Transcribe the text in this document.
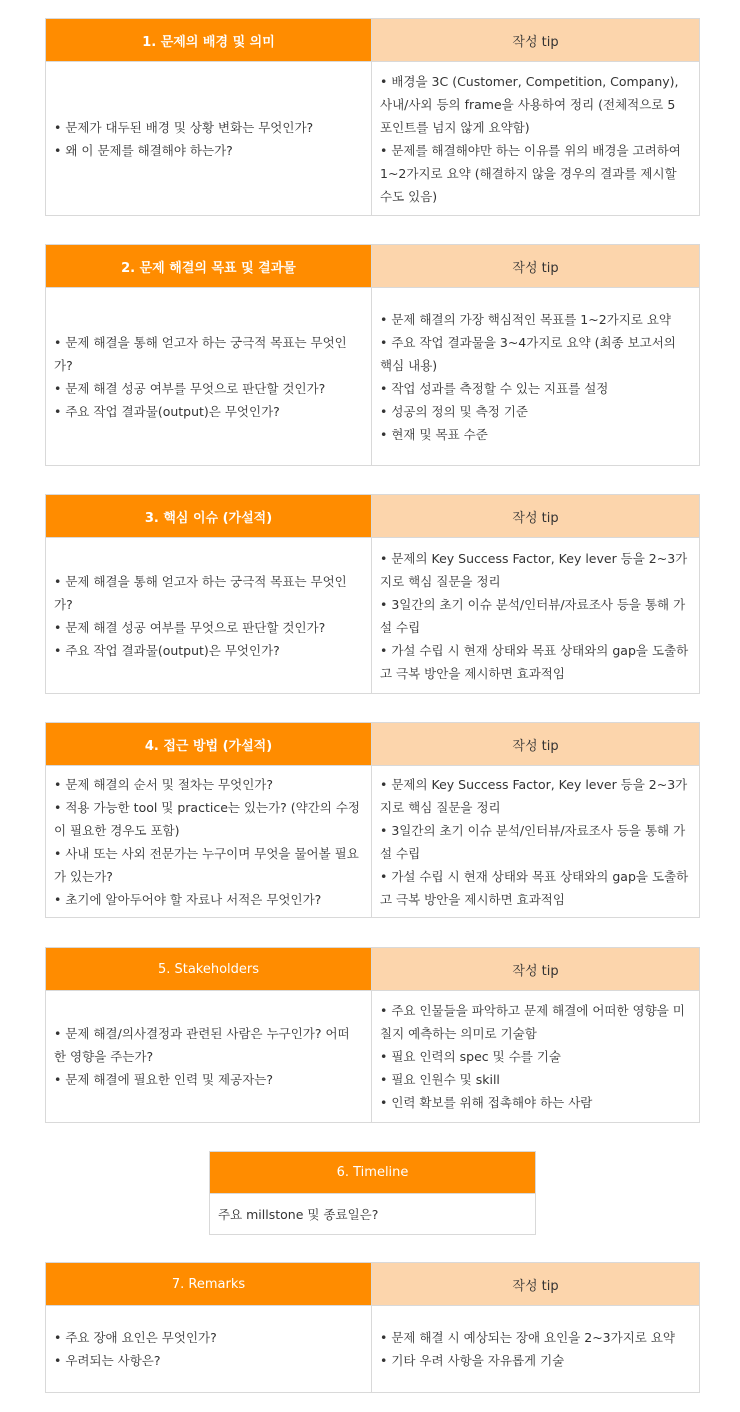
1. 문제의 배경 및 의미	작성 tip

• 문제가 대두된 배경 및 상황 변화는 무엇인가?
• 왜 이 문제를 해결해야 하는가?	• 배경을 3C (Customer, Competition, Company), 사내/사외 등의 frame을 사용하여 정리 (전체적으로 5 포인트를 넘지 않게 요약함)
• 문제를 해결해야만 하는 이유를 위의 배경을 고려하여 1~2가지로 요약 (해결하지 않을 경우의 결과를 제시할 수도 있음)
2. 문제 해결의 목표 및 결과물	작성 tip

• 문제 해결을 통해 얻고자 하는 궁극적 목표는 무엇인가?
• 문제 해결 성공 여부를 무엇으로 판단할 것인가?
• 주요 작업 결과물(output)은 무엇인가?	• 문제 해결의 가장 핵심적인 목표를 1~2가지로 요약
• 주요 작업 결과물을 3~4가지로 요약 (최종 보고서의 핵심 내용)
• 작업 성과를 측정할 수 있는 지표를 설정
• 성공의 정의 및 측정 기준
• 현재 및 목표 수준
3. 핵심 이슈 (가설적)	작성 tip

• 문제 해결을 통해 얻고자 하는 궁극적 목표는 무엇인가?
• 문제 해결 성공 여부를 무엇으로 판단할 것인가?
• 주요 작업 결과물(output)은 무엇인가?	• 문제의 Key Success Factor, Key lever 등을 2~3가지로 핵심 질문을 정리
• 3일간의 초기 이슈 분석/인터뷰/자료조사 등을 통해 가설 수립
• 가설 수립 시 현재 상태와 목표 상태와의 gap을 도출하고 극복 방안을 제시하면 효과적임
4. 접근 방법 (가설적)	작성 tip

• 문제 해결의 순서 및 절차는 무엇인가?
• 적용 가능한 tool 및 practice는 있는가? (약간의 수정이 필요한 경우도 포함)
• 사내 또는 사외 전문가는 누구이며 무엇을 물어볼 필요가 있는가?
• 초기에 알아두어야 할 자료나 서적은 무엇인가?	• 문제의 Key Success Factor, Key lever 등을 2~3가지로 핵심 질문을 정리
• 3일간의 초기 이슈 분석/인터뷰/자료조사 등을 통해 가설 수립
• 가설 수립 시 현재 상태와 목표 상태와의 gap을 도출하고 극복 방안을 제시하면 효과적임
5. Stakeholders	작성 tip

• 문제 해결/의사결정과 관련된 사람은 누구인가? 어떠한 영향을 주는가?
• 문제 해결에 필요한 인력 및 제공자는?	• 주요 인물들을 파악하고 문제 해결에 어떠한 영향을 미칠지 예측하는 의미로 기술함
• 필요 인력의 spec 및 수를 기술
• 필요 인원수 및 skill
• 인력 확보를 위해 접촉해야 하는 사람
6. Timeline
주요 millstone 및 종료일은?
7. Remarks	작성 tip

• 주요 장애 요인은 무엇인가?
• 우려되는 사항은?	• 문제 해결 시 예상되는 장애 요인을 2~3가지로 요약
• 기타 우려 사항을 자유롭게 기술
